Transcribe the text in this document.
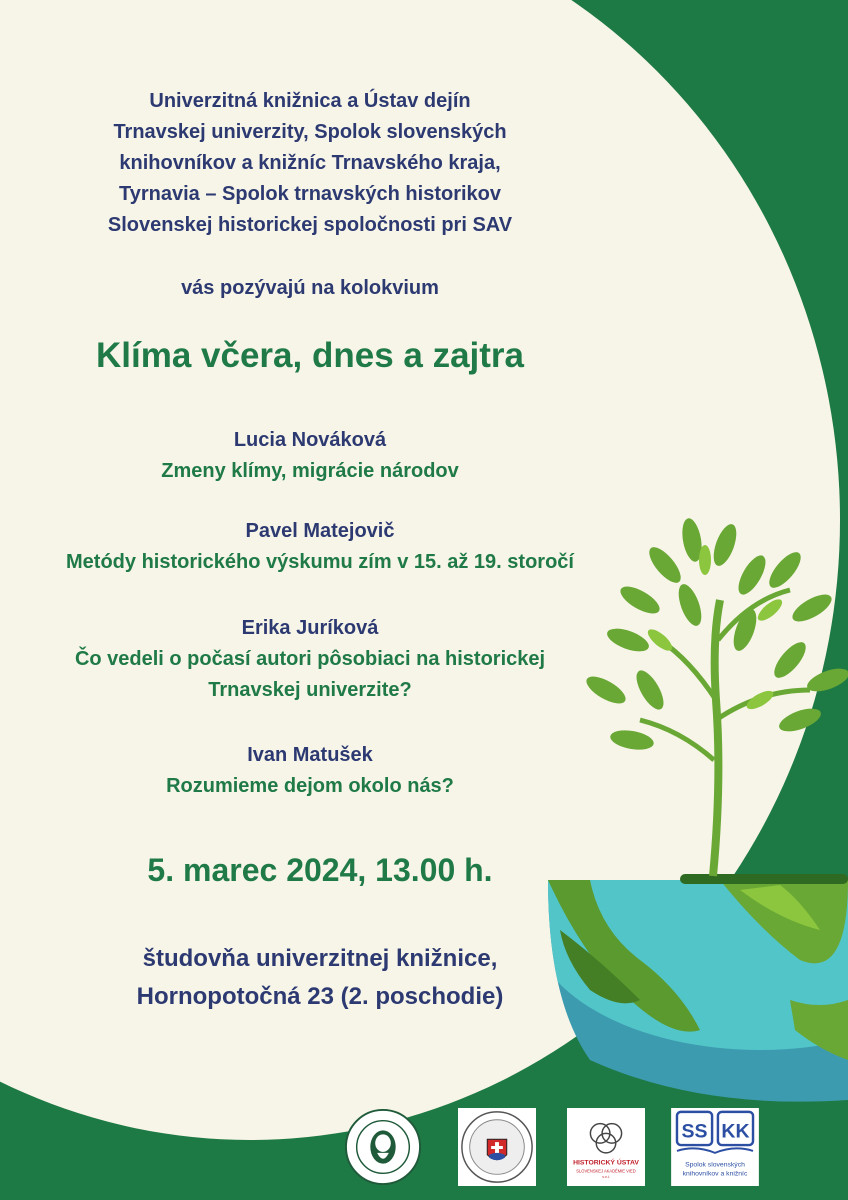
Univerzitná knižnica a Ústav dejín
Trnavskej univerzity, Spolok slovenských
knihovníkov a knižníc Trnavského kraja,
Tyrnavia – Spolok trnavských historikov
Slovenskej historickej spoločnosti pri SAV
vás pozývajú na kolokvium
Klíma včera, dnes a zajtra
Lucia Nováková
Zmeny klímy, migrácie národov
Pavel Matejovič
Metódy historického výskumu zím v 15. až 19. storočí
Erika Juríková
Čo vedeli o počasí autori pôsobiaci na historickej
Trnavskej univerzite?
Ivan Matušek
Rozumieme dejom okolo nás?
5. marec 2024, 13.00 h.
študovňa univerzitnej knižnice,
Hornopotočná 23 (2. poschodie)
HISTORICKÝ ÚSTAV
SLOVENSKEJ AKADÉMIE VIED
v.v.i.
SS KK
Spolok slovenských
knihovníkov a knižníc
